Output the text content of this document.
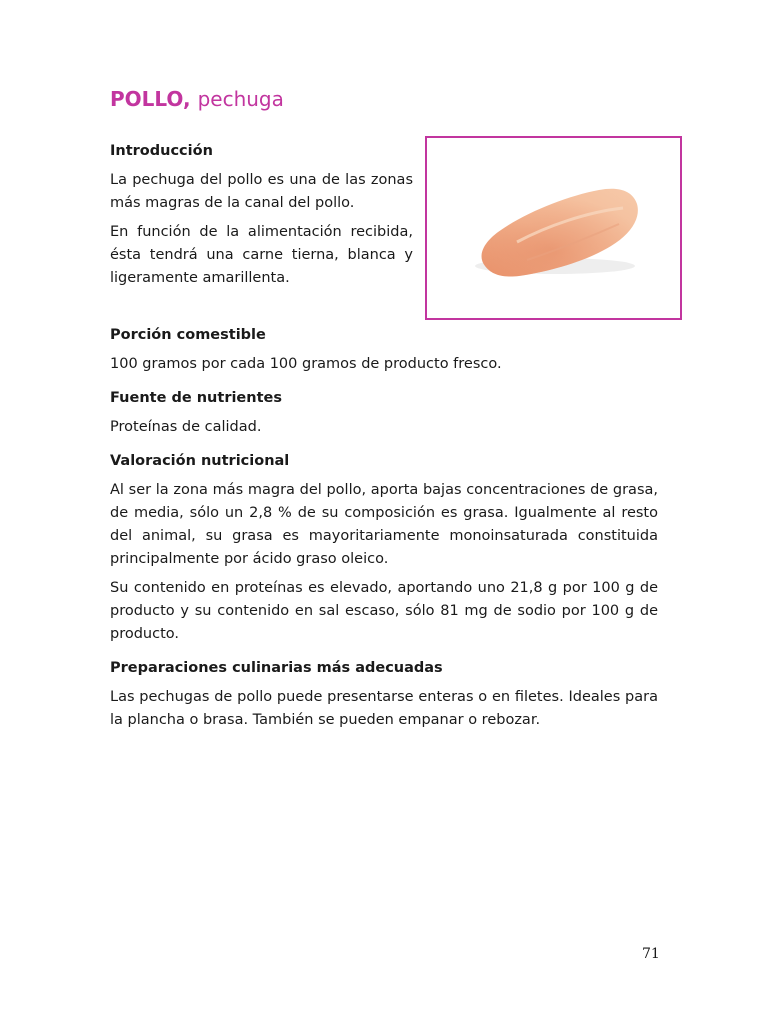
POLLO, pechuga
Introducción

La pechuga del pollo es una de las zonas más magras de la canal del pollo.

En función de la alimentación recibida, ésta tendrá una carne tierna, blanca y ligeramente amarillenta.

Porción comestible

100 gramos por cada 100 gramos de producto fresco.

Fuente de nutrientes

Proteínas de calidad.

Valoración nutricional

Al ser la zona más magra del pollo, aporta bajas concentraciones de grasa, de media, sólo un 2,8 % de su composición es grasa. Igualmente al resto del animal, su grasa es mayoritariamente monoinsaturada constituida principalmente por ácido graso oleico.

Su contenido en proteínas es elevado, aportando uno 21,8 g por 100 g de producto y su contenido en sal escaso, sólo 81 mg de sodio por 100 g de producto.

Preparaciones culinarias más adecuadas

Las pechugas de pollo puede presentarse enteras o en filetes. Ideales para la plancha o brasa. También se pueden empanar o rebozar.

71
